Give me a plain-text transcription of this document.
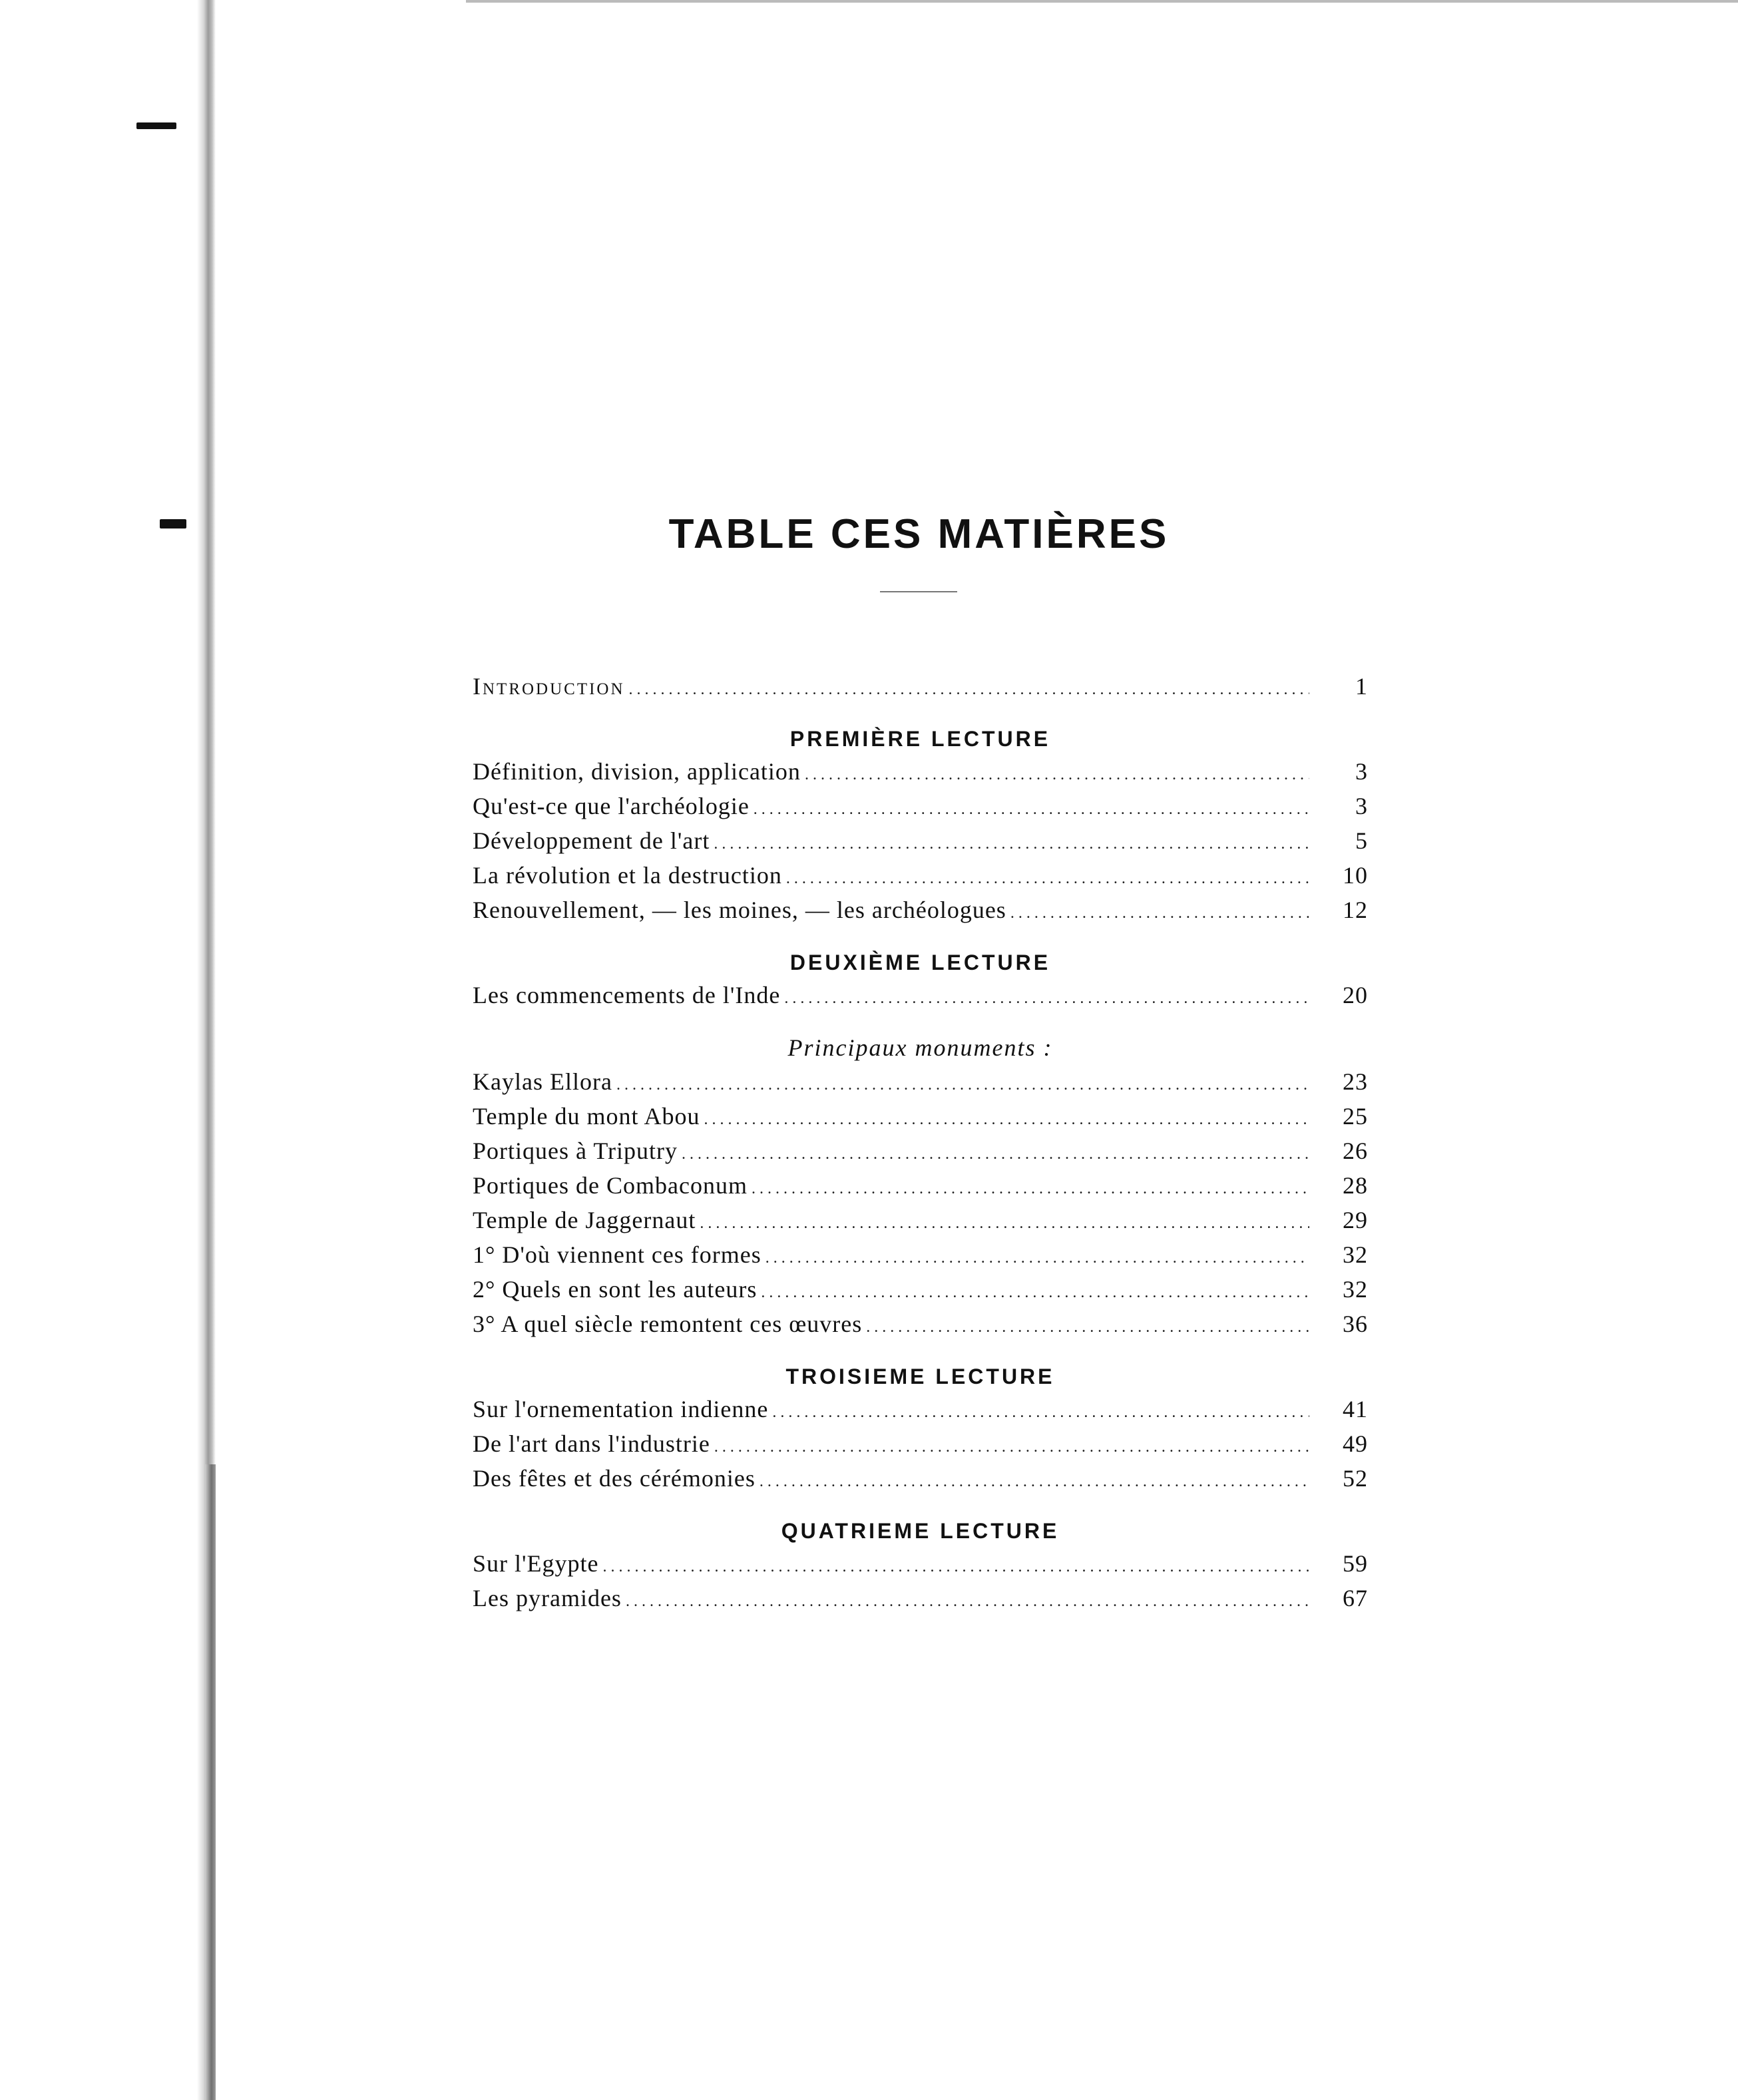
TABLE CES MATIÈRES
Introduction . . .	1
PREMIÈRE LECTURE
Définition, division, application . . .	3
Qu'est-ce que l'archéologie . . .	3
Développement de l'art . . .	5
La révolution et la destruction . . .	10
Renouvellement, — les moines, — les archéologues . . .	12
DEUXIÈME LECTURE
Les commencements de l'Inde . . .	20
Principaux monuments :
Kaylas Ellora . . .	23
Temple du mont Abou . . .	25
Portiques à Triputry . . .	26
Portiques de Combaconum . . .	28
Temple de Jaggernaut . . .	29
1° D'où viennent ces formes . . .	32
2° Quels en sont les auteurs . . .	32
3° A quel siècle remontent ces œuvres . . .	36
TROISIEME LECTURE
Sur l'ornementation indienne . . .	41
De l'art dans l'industrie . . .	49
Des fêtes et des cérémonies . . .	52
QUATRIEME LECTURE
Sur l'Egypte . . .	59
Les pyramides . . .	67
